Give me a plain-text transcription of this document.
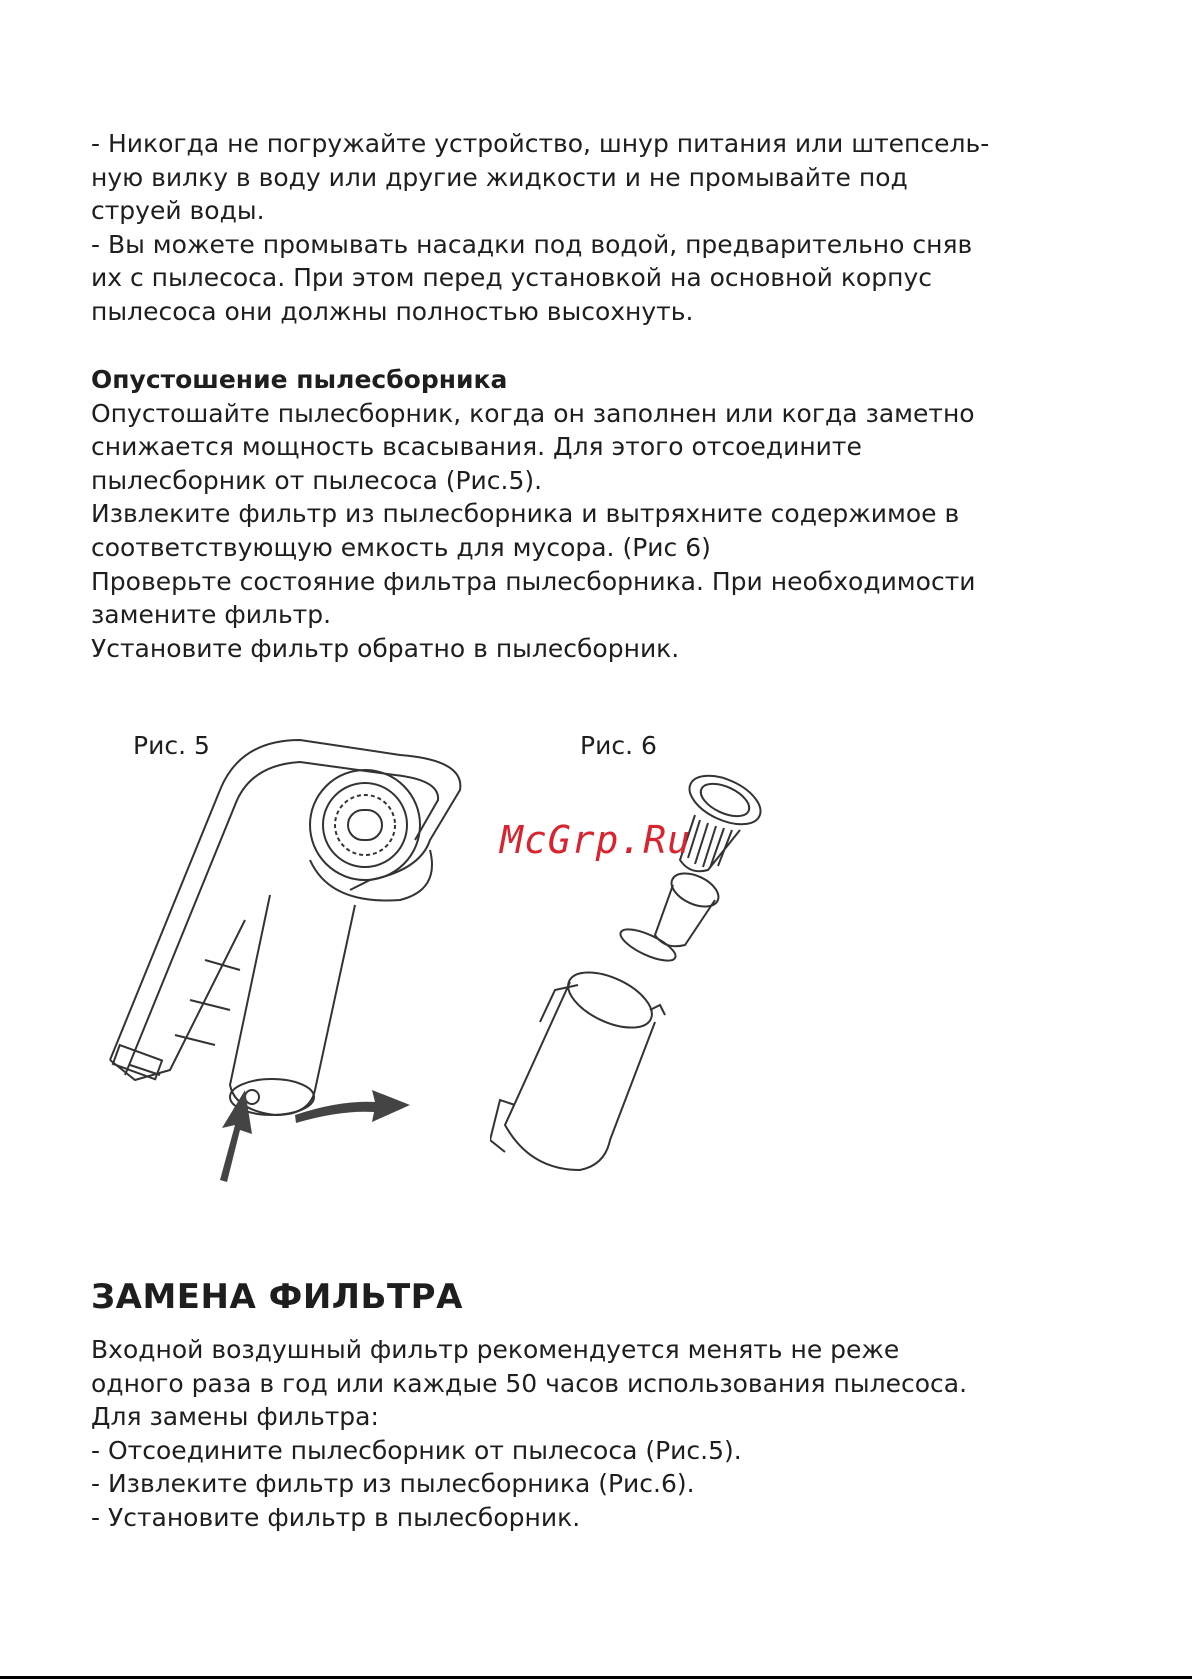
- Никогда не погружайте устройство, шнур питания или штепсель-

ную вилку в воду или другие жидкости и не промывайте под

струей воды.

- Вы можете промывать насадки под водой, предварительно сняв

их с пылесоса. При этом перед установкой на основной корпус

пылесоса они должны полностью высохнуть.

Опустошение пылесборника

Опустошайте пылесборник, когда он заполнен или когда заметно

снижается мощность всасывания. Для этого отсоедините

пылесборник от пылесоса (Рис.5).

Извлеките фильтр из пылесборника и вытряхните содержимое в

соответствующую емкость для мусора. (Рис 6)

Проверьте состояние фильтра пылесборника. При необходимости

замените фильтр.

Установите фильтр обратно в пылесборник.

Рис. 5	Рис. 6
McGrp.Ru

ЗАМЕНА ФИЛЬТРА

Входной воздушный фильтр рекомендуется менять не реже

одного раза в год или каждые 50 часов использования пылесоса.

Для замены фильтра:

- Отсоедините пылесборник от пылесоса (Рис.5).

- Извлеките фильтр из пылесборника (Рис.6).

- Установите фильтр в пылесборник.
